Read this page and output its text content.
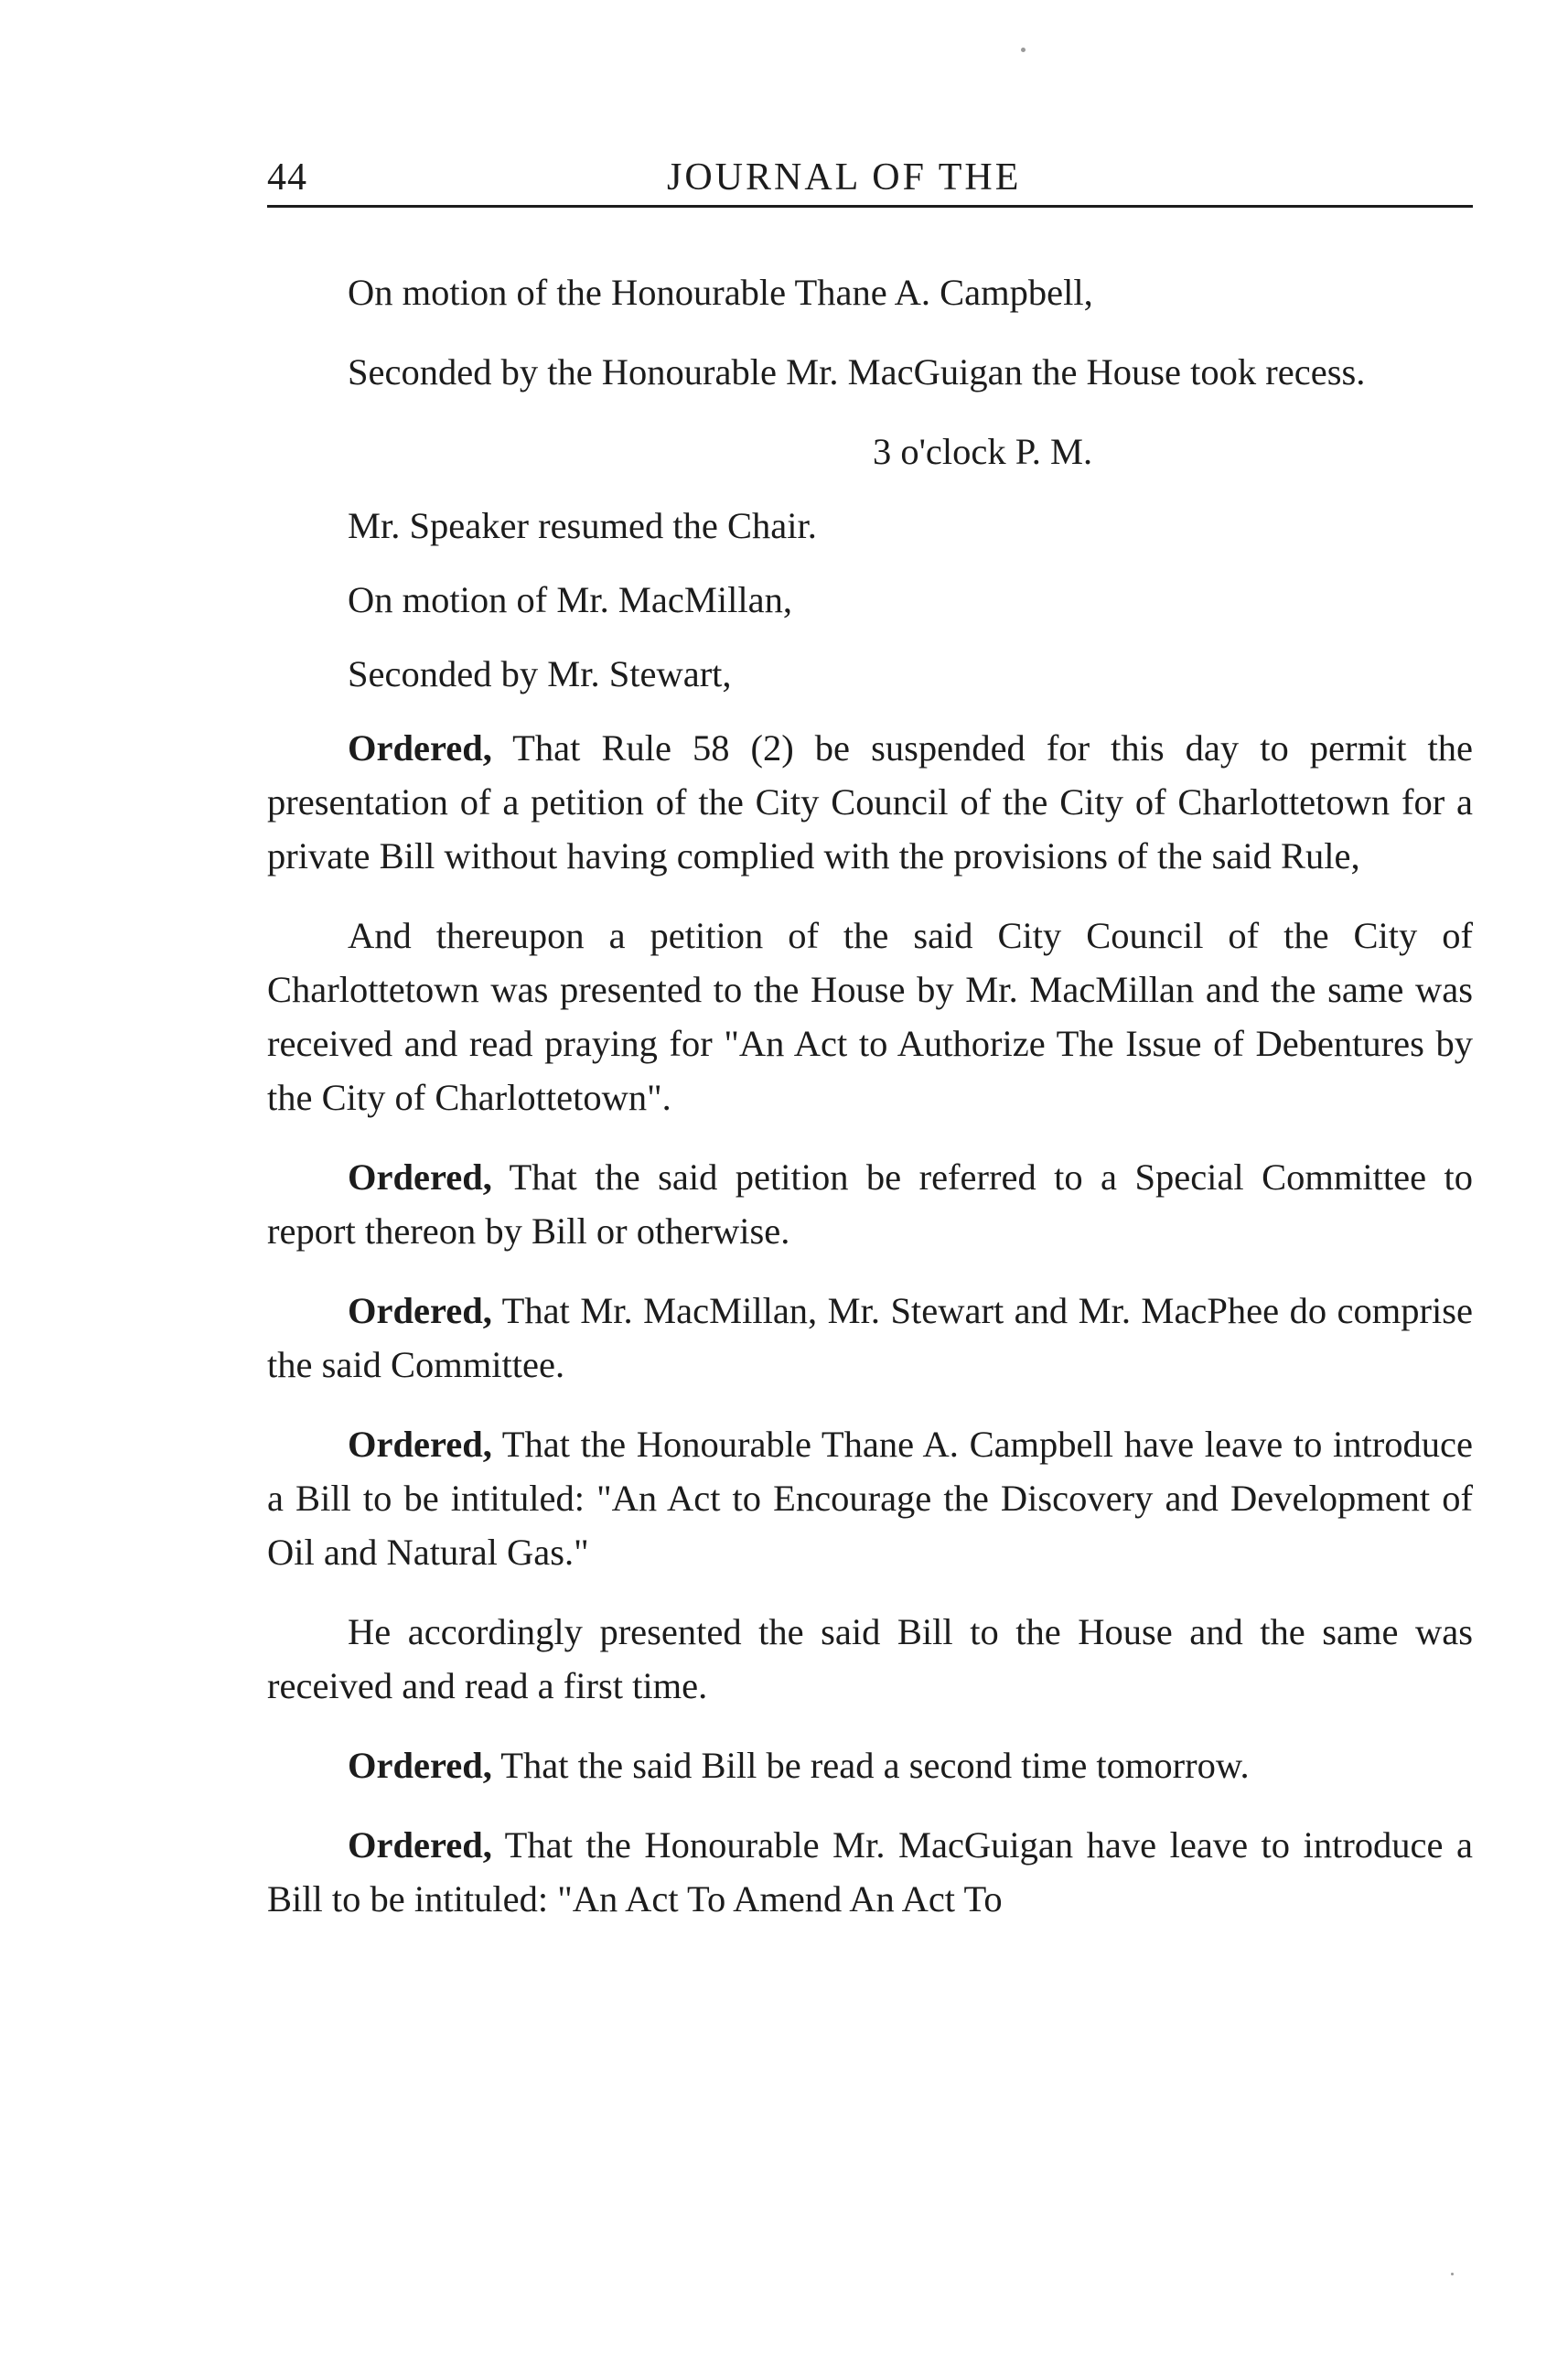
44	JOURNAL OF THE

On motion of the Honourable Thane A. Campbell,

Seconded by the Honourable Mr. MacGuigan the House took recess.

3 o'clock P. M.

Mr. Speaker resumed the Chair.

On motion of Mr. MacMillan,

Seconded by Mr. Stewart,

Ordered, That Rule 58 (2) be suspended for this day to permit the presentation of a petition of the City Council of the City of Charlottetown for a private Bill without having complied with the provisions of the said Rule,

And thereupon a petition of the said City Council of the City of Charlottetown was presented to the House by Mr. MacMillan and the same was received and read praying for "An Act to Authorize The Issue of Debentures by the City of Charlottetown".

Ordered, That the said petition be referred to a Special Committee to report thereon by Bill or otherwise.

Ordered, That Mr. MacMillan, Mr. Stewart and Mr. MacPhee do comprise the said Committee.

Ordered, That the Honourable Thane A. Campbell have leave to introduce a Bill to be intituled: "An Act to Encourage the Discovery and Development of Oil and Natural Gas."

He accordingly presented the said Bill to the House and the same was received and read a first time.

Ordered, That the said Bill be read a second time tomorrow.

Ordered, That the Honourable Mr. MacGuigan have leave to introduce a Bill to be intituled: "An Act To Amend An Act To
